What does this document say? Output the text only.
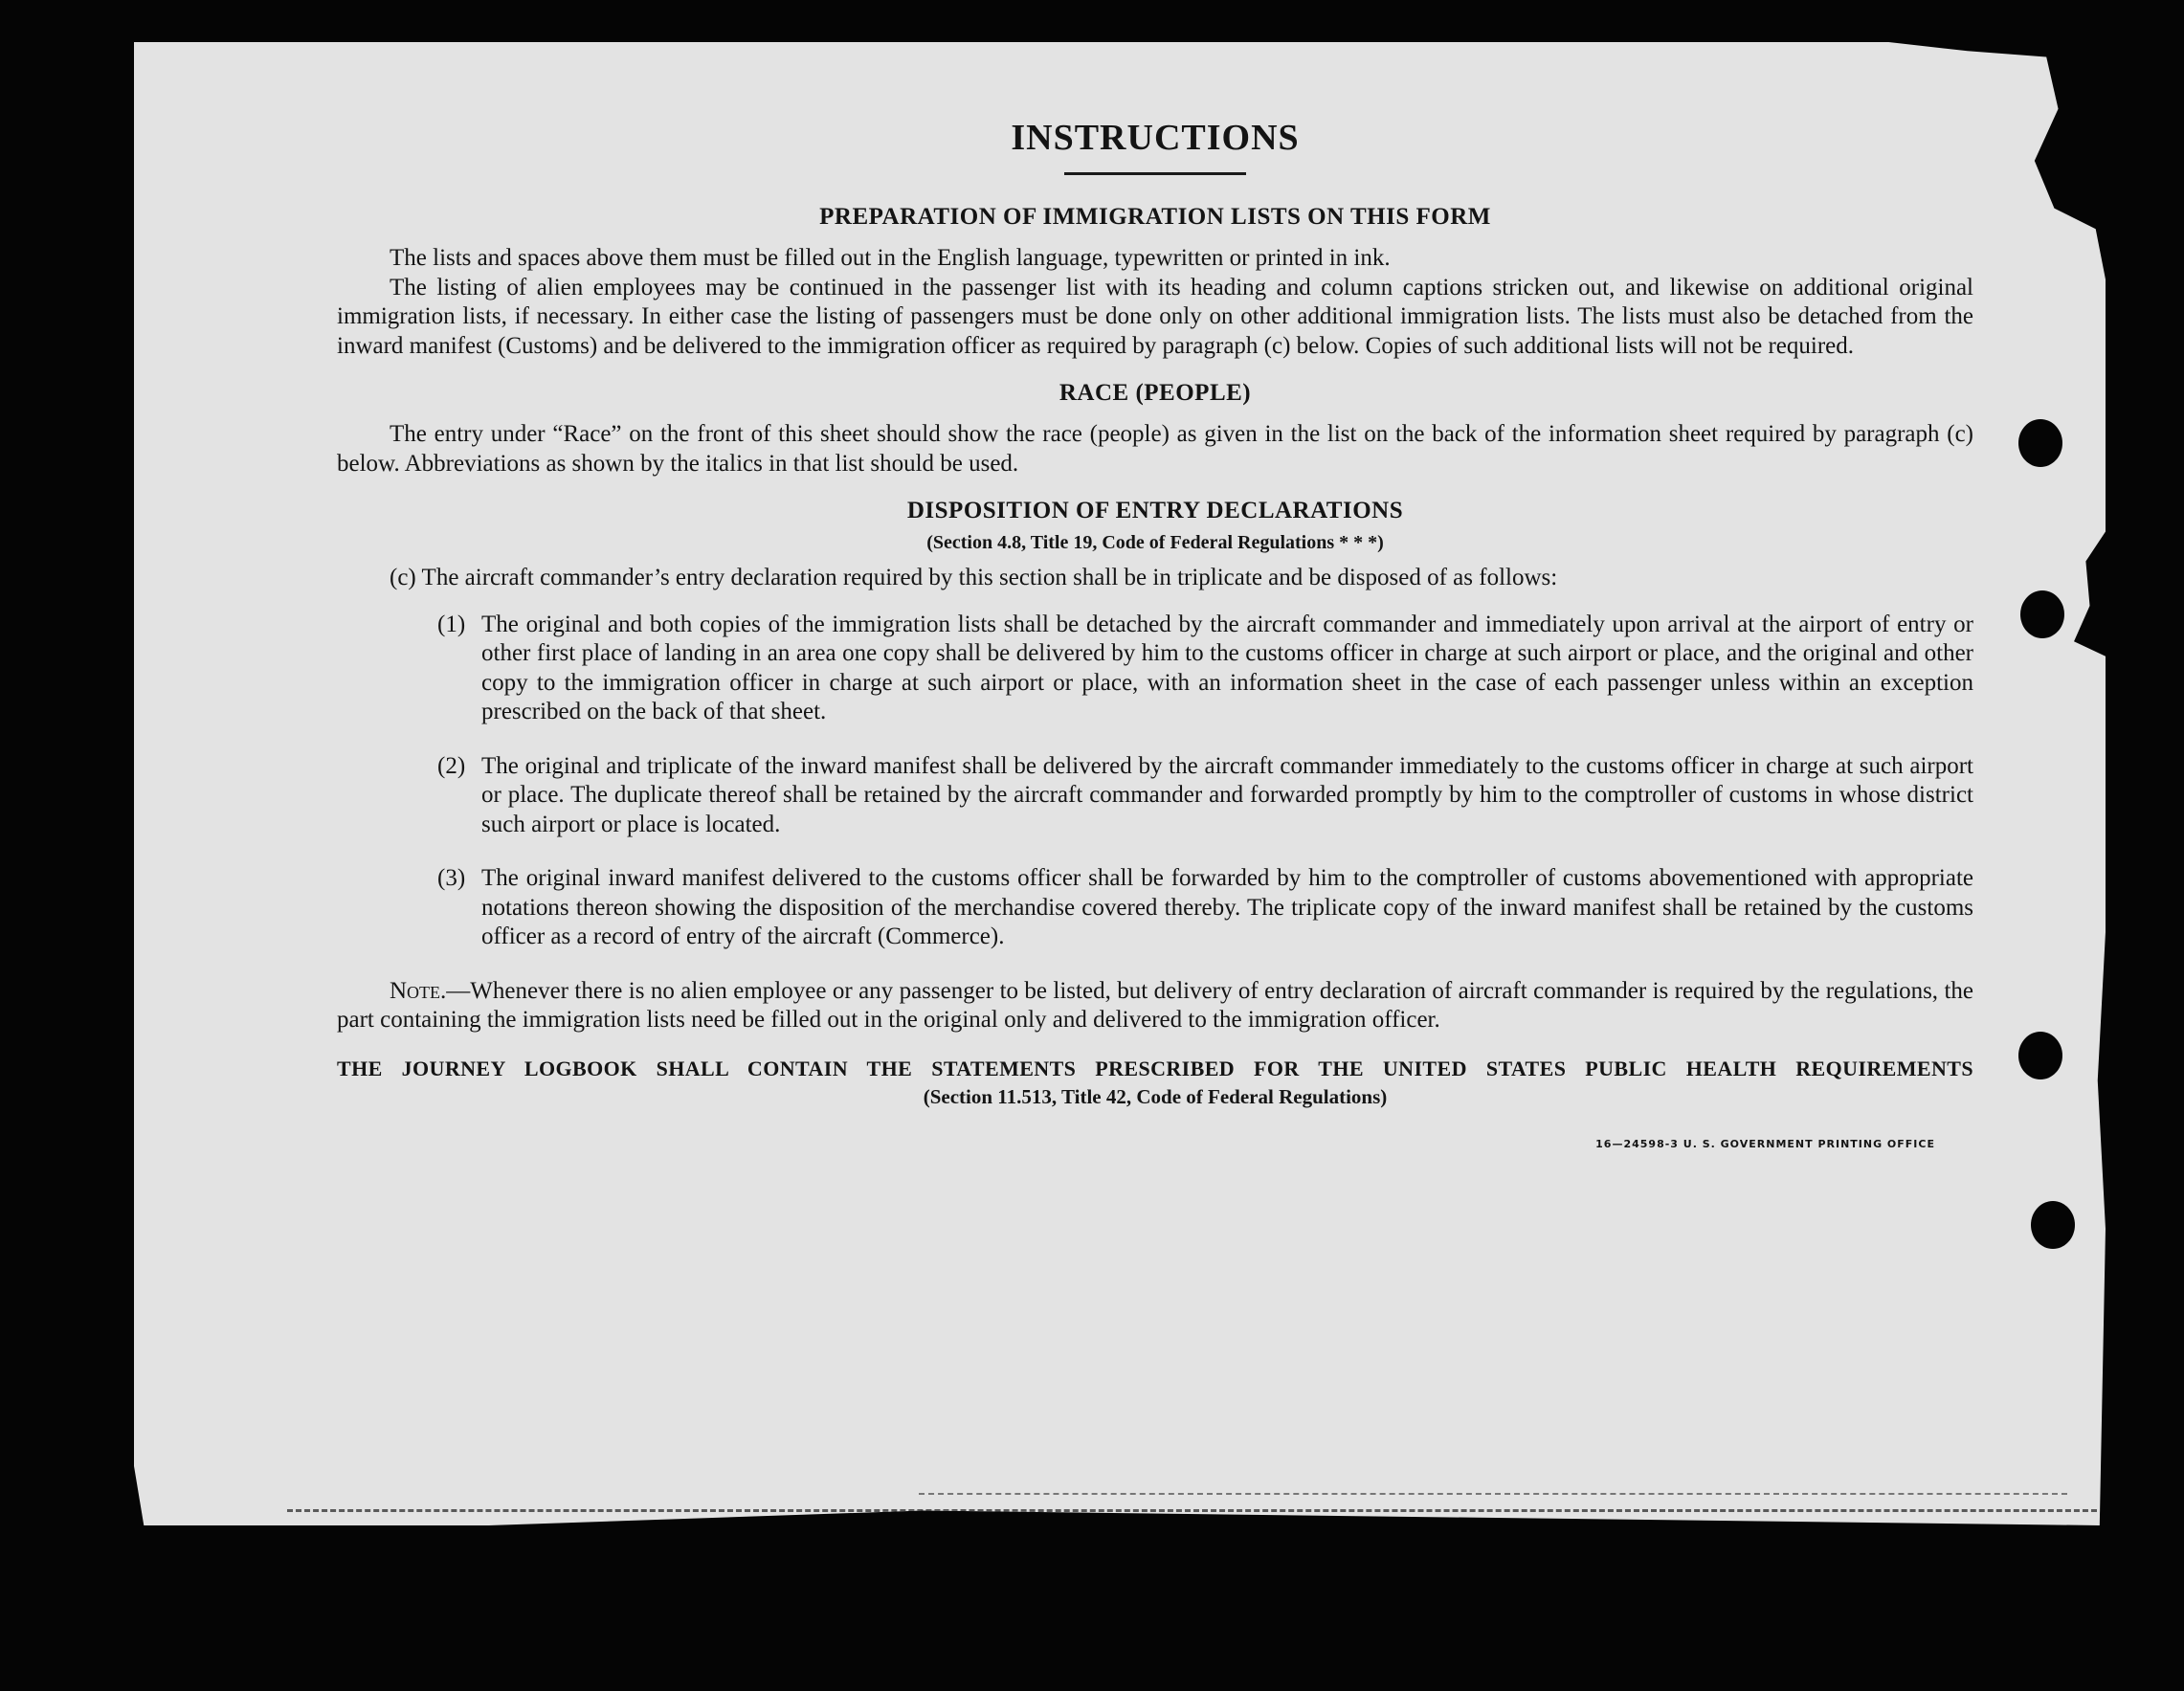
INSTRUCTIONS
PREPARATION OF IMMIGRATION LISTS ON THIS FORM

The lists and spaces above them must be filled out in the English language, typewritten or printed in ink.

The listing of alien employees may be continued in the passenger list with its heading and column captions stricken out, and likewise on additional original immigration lists, if necessary. In either case the listing of passengers must be done only on other additional immigration lists. The lists must also be detached from the inward manifest (Customs) and be delivered to the immigration officer as required by paragraph (c) below. Copies of such additional lists will not be required.

RACE (PEOPLE)

The entry under “Race” on the front of this sheet should show the race (people) as given in the list on the back of the information sheet required by paragraph (c) below. Abbreviations as shown by the italics in that list should be used.

DISPOSITION OF ENTRY DECLARATIONS
(Section 4.8, Title 19, Code of Federal Regulations * * *)

(c) The aircraft commander’s entry declaration required by this section shall be in triplicate and be disposed of as follows:

(1) The original and both copies of the immigration lists shall be detached by the aircraft commander and immediately upon arrival at the airport of entry or other first place of landing in an area one copy shall be delivered by him to the customs officer in charge at such airport or place, and the original and other copy to the immigration officer in charge at such airport or place, with an information sheet in the case of each passenger unless within an exception prescribed on the back of that sheet.
(2) The original and triplicate of the inward manifest shall be delivered by the aircraft commander immediately to the customs officer in charge at such airport or place. The duplicate thereof shall be retained by the aircraft commander and forwarded promptly by him to the comptroller of customs in whose district such airport or place is located.
(3) The original inward manifest delivered to the customs officer shall be forwarded by him to the comptroller of customs abovementioned with appropriate notations thereon showing the disposition of the merchandise covered thereby. The triplicate copy of the inward manifest shall be retained by the customs officer as a record of entry of the aircraft (Commerce).

Note.—Whenever there is no alien employee or any passenger to be listed, but delivery of entry declaration of aircraft commander is required by the regulations, the part containing the immigration lists need be filled out in the original only and delivered to the immigration officer.

THE JOURNEY LOGBOOK SHALL CONTAIN THE STATEMENTS PRESCRIBED FOR THE UNITED STATES PUBLIC HEALTH REQUIREMENTS
(Section 11.513, Title 42, Code of Federal Regulations)
16—24598-3 U. S. GOVERNMENT PRINTING OFFICE
